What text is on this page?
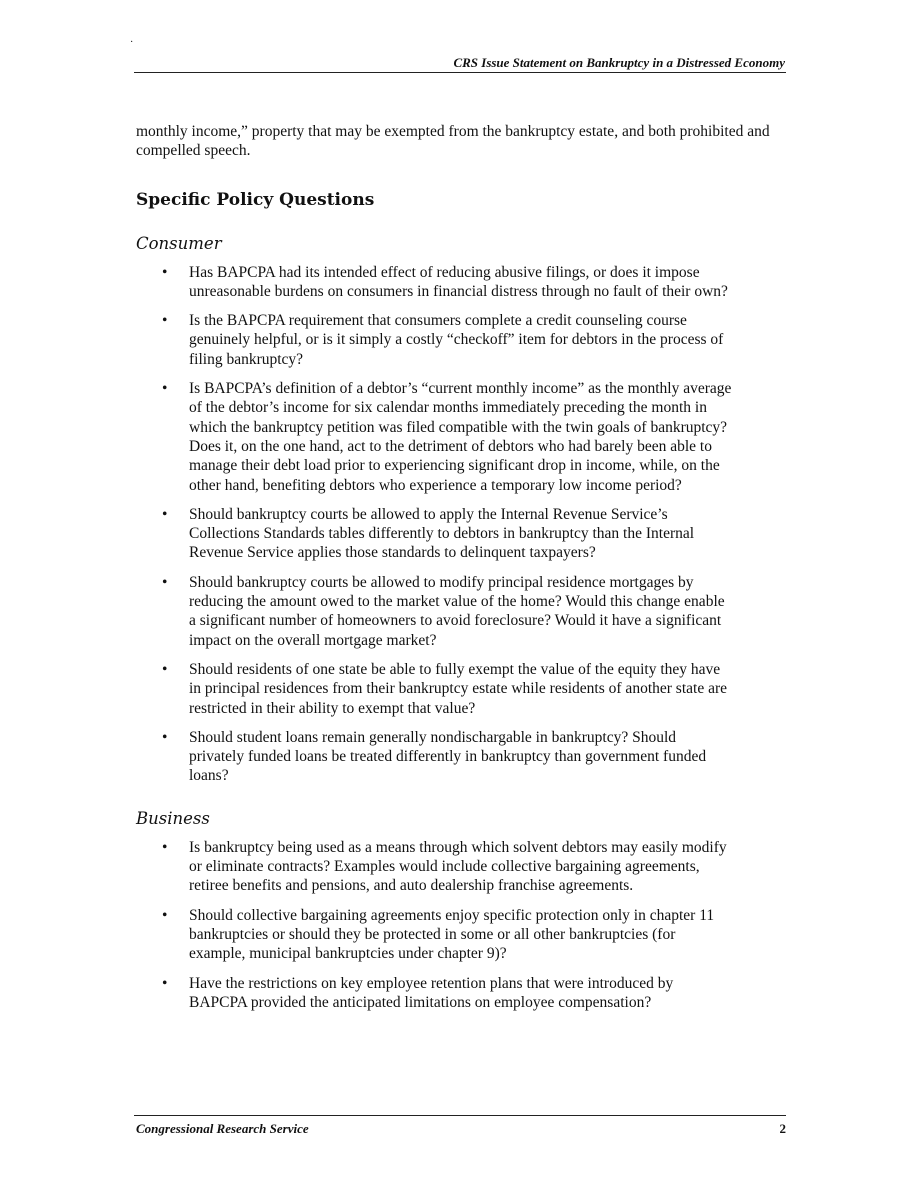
·
CRS Issue Statement on Bankruptcy in a Distressed Economy

monthly income,” property that may be exempted from the bankruptcy estate, and both prohibited and compelled speech.

Specific Policy Questions
Consumer
• Has BAPCPA had its intended effect of reducing abusive filings, or does it impose unreasonable burdens on consumers in financial distress through no fault of their own?
• Is the BAPCPA requirement that consumers complete a credit counseling course genuinely helpful, or is it simply a costly “checkoff” item for debtors in the process of filing bankruptcy?
• Is BAPCPA’s definition of a debtor’s “current monthly income” as the monthly average of the debtor’s income for six calendar months immediately preceding the month in which the bankruptcy petition was filed compatible with the twin goals of bankruptcy? Does it, on the one hand, act to the detriment of debtors who had barely been able to manage their debt load prior to experiencing significant drop in income, while, on the other hand, benefiting debtors who experience a temporary low income period?
• Should bankruptcy courts be allowed to apply the Internal Revenue Service’s Collections Standards tables differently to debtors in bankruptcy than the Internal Revenue Service applies those standards to delinquent taxpayers?
• Should bankruptcy courts be allowed to modify principal residence mortgages by reducing the amount owed to the market value of the home? Would this change enable a significant number of homeowners to avoid foreclosure? Would it have a significant impact on the overall mortgage market?
• Should residents of one state be able to fully exempt the value of the equity they have in principal residences from their bankruptcy estate while residents of another state are restricted in their ability to exempt that value?
• Should student loans remain generally nondischargable in bankruptcy? Should privately funded loans be treated differently in bankruptcy than government funded loans?
Business
• Is bankruptcy being used as a means through which solvent debtors may easily modify or eliminate contracts? Examples would include collective bargaining agreements, retiree benefits and pensions, and auto dealership franchise agreements.
• Should collective bargaining agreements enjoy specific protection only in chapter 11 bankruptcies or should they be protected in some or all other bankruptcies (for example, municipal bankruptcies under chapter 9)?
• Have the restrictions on key employee retention plans that were introduced by BAPCPA provided the anticipated limitations on employee compensation?
Congressional Research Service	2
